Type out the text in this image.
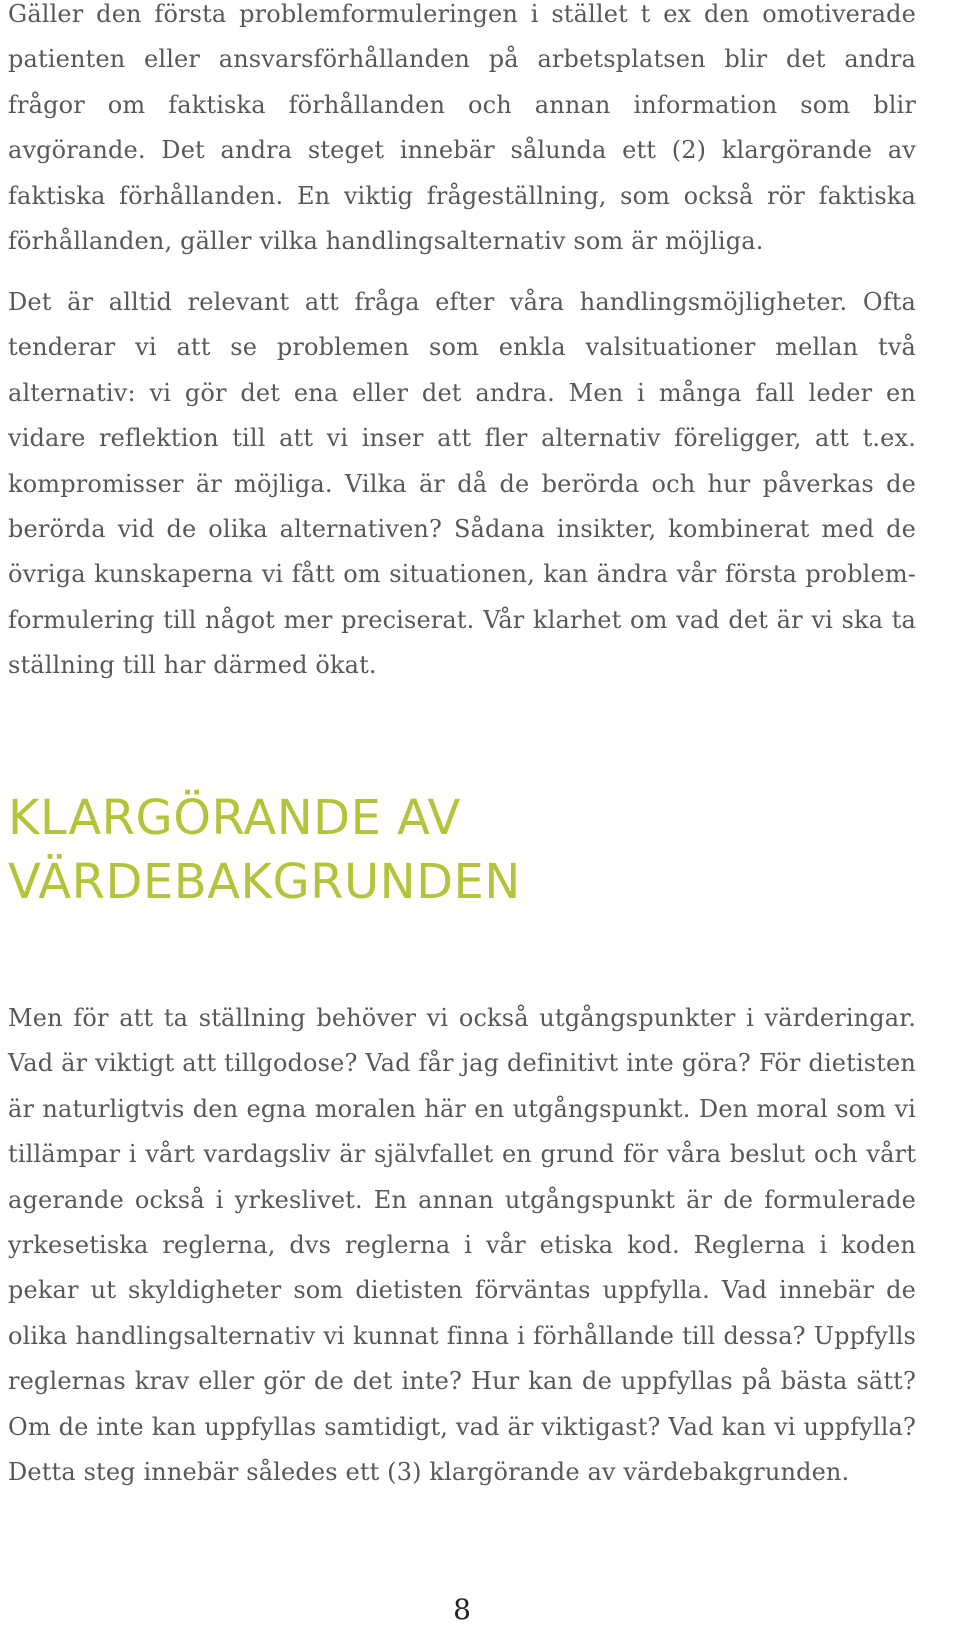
Gäller den första problemformuleringen i stället t ex den omotiverade patienten eller ansvarsförhållanden på arbetsplatsen blir det andra frågor om faktiska förhållanden och annan information som blir avgörande. Det andra steget innebär sålunda ett (2) klargörande av faktiska förhållanden. En viktig frågeställning, som också rör faktiska förhållanden, gäller vilka handlingsalternativ som är möjliga.

Det är alltid relevant att fråga efter våra handlingsmöjligheter. Ofta tenderar vi att se problemen som enkla valsituationer mellan två alternativ: vi gör det ena eller det andra. Men i många fall leder en vidare reflektion till att vi inser att fler alternativ föreligger, att t.ex. kompromisser är möjliga. Vilka är då de berörda och hur påverkas de berörda vid de olika alternativen? Sådana insikter, kombinerat med de övriga kunskaperna vi fått om situationen, kan ändra vår första problem-formulering till något mer preciserat. Vår klarhet om vad det är vi ska ta ställning till har därmed ökat.

KLARGÖRANDE AV
VÄRDEBAKGRUNDEN

Men för att ta ställning behöver vi också utgångspunkter i värderingar. Vad är viktigt att tillgodose? Vad får jag definitivt inte göra? För dietisten är naturligtvis den egna moralen här en utgångspunkt. Den moral som vi tillämpar i vårt vardagsliv är självfallet en grund för våra beslut och vårt agerande också i yrkeslivet. En annan utgångspunkt är de formulerade yrkesetiska reglerna, dvs reglerna i vår etiska kod. Reglerna i koden pekar ut skyldigheter som dietisten förväntas uppfylla. Vad innebär de olika handlingsalternativ vi kunnat finna i förhållande till dessa? Uppfylls reglernas krav eller gör de det inte? Hur kan de uppfyllas på bästa sätt? Om de inte kan uppfyllas samtidigt, vad är viktigast? Vad kan vi uppfylla? Detta steg innebär således ett (3) klargörande av värdebakgrunden.

8
